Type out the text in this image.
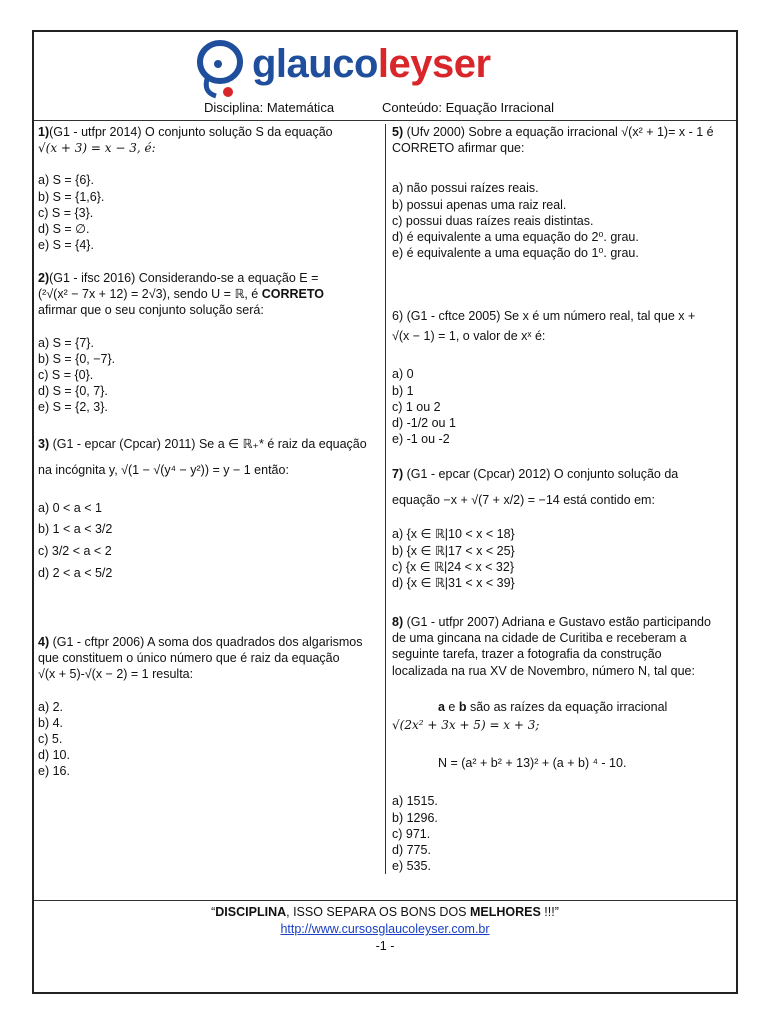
glaucoleyser
Disciplina: Matemática	Conteúdo: Equação Irracional

1)(G1 - utfpr 2014) O conjunto solução S da equação

√(x + 3) = x − 3, é:

a) S = {6}.

b) S = {1,6}.

c) S = {3}.

d) S = ∅.

e) S = {4}.

2)(G1 - ifsc 2016) Considerando-se a equação E =

(²√(x² − 7x + 12) = 2√3), sendo U = ℝ, é CORRETO

afirmar que o seu conjunto solução será:

a) S = {7}.

b) S = {0, −7}.

c) S = {0}.

d) S = {0, 7}.

e) S = {2, 3}.

3) (G1 - epcar (Cpcar) 2011) Se a ∈ ℝ₊* é raiz da equação

na incógnita y, √(1 − √(y⁴ − y²)) = y − 1 então:

a) 0 < a < 1

b) 1 < a < 3/2

c) 3/2 < a < 2

d) 2 < a < 5/2

4) (G1 - cftpr 2006) A soma dos quadrados dos algarismos

que constituem o único número que é raiz da equação

√(x + 5)-√(x − 2) = 1 resulta:

a) 2.

b) 4.

c) 5.

d) 10.

e) 16.

5) (Ufv 2000) Sobre a equação irracional √(x² + 1)= x - 1 é

CORRETO afirmar que:

a) não possui raízes reais.

b) possui apenas uma raiz real.

c) possui duas raízes reais distintas.

d) é equivalente a uma equação do 2⁰. grau.

e) é equivalente a uma equação do 1⁰. grau.

6) (G1 - cftce 2005) Se x é um número real, tal que x +

√(x − 1) = 1, o valor de xˣ é:

a) 0

b) 1

c) 1 ou 2

d) -1/2 ou 1

e) -1 ou -2

7) (G1 - epcar (Cpcar) 2012) O conjunto solução da

equação −x + √(7 + x/2) = −14 está contido em:

a) {x ∈ ℝ|10 < x < 18}

b) {x ∈ ℝ|17 < x < 25}

c) {x ∈ ℝ|24 < x < 32}

d) {x ∈ ℝ|31 < x < 39}

8) (G1 - utfpr 2007) Adriana e Gustavo estão participando

de uma gincana na cidade de Curitiba e receberam a

seguinte tarefa, trazer a fotografia da construção

localizada na rua XV de Novembro, número N, tal que:

a e b são as raízes da equação irracional

√(2x² + 3x + 5) = x + 3;

N = (a² + b² + 13)² + (a + b) ⁴ - 10.

a) 1515.

b) 1296.

c) 971.

d) 775.

e) 535.

“DISCIPLINA, ISSO SEPARA OS BONS DOS MELHORES !!!”

http://www.cursosglaucoleyser.com.br

-1 -
